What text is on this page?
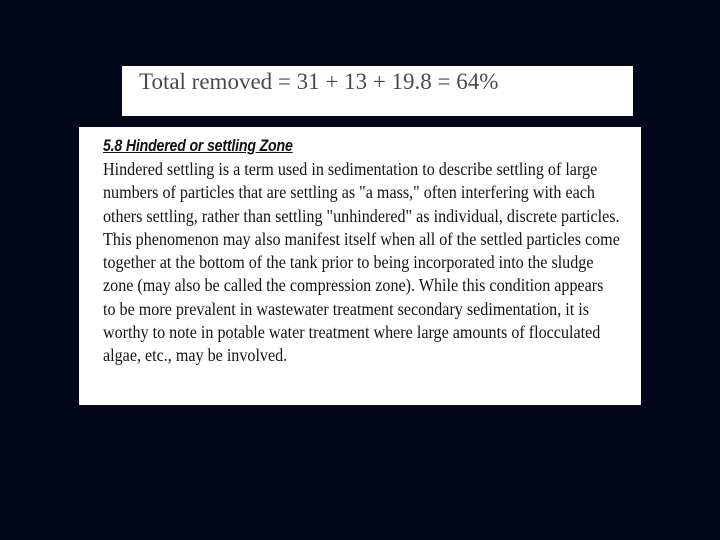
Total removed = 31 + 13 + 19.8 = 64%
5.8 Hindered or settling Zone
Hindered settling is a term used in sedimentation to describe settling of large
numbers of particles that are settling as "a mass," often interfering with each
others settling, rather than settling "unhindered" as individual, discrete particles.
This phenomenon may also manifest itself when all of the settled particles come
together at the bottom of the tank prior to being incorporated into the sludge
zone (may also be called the compression zone). While this condition appears
to be more prevalent in wastewater treatment secondary sedimentation, it is
worthy to note in potable water treatment where large amounts of flocculated
algae, etc., may be involved.
